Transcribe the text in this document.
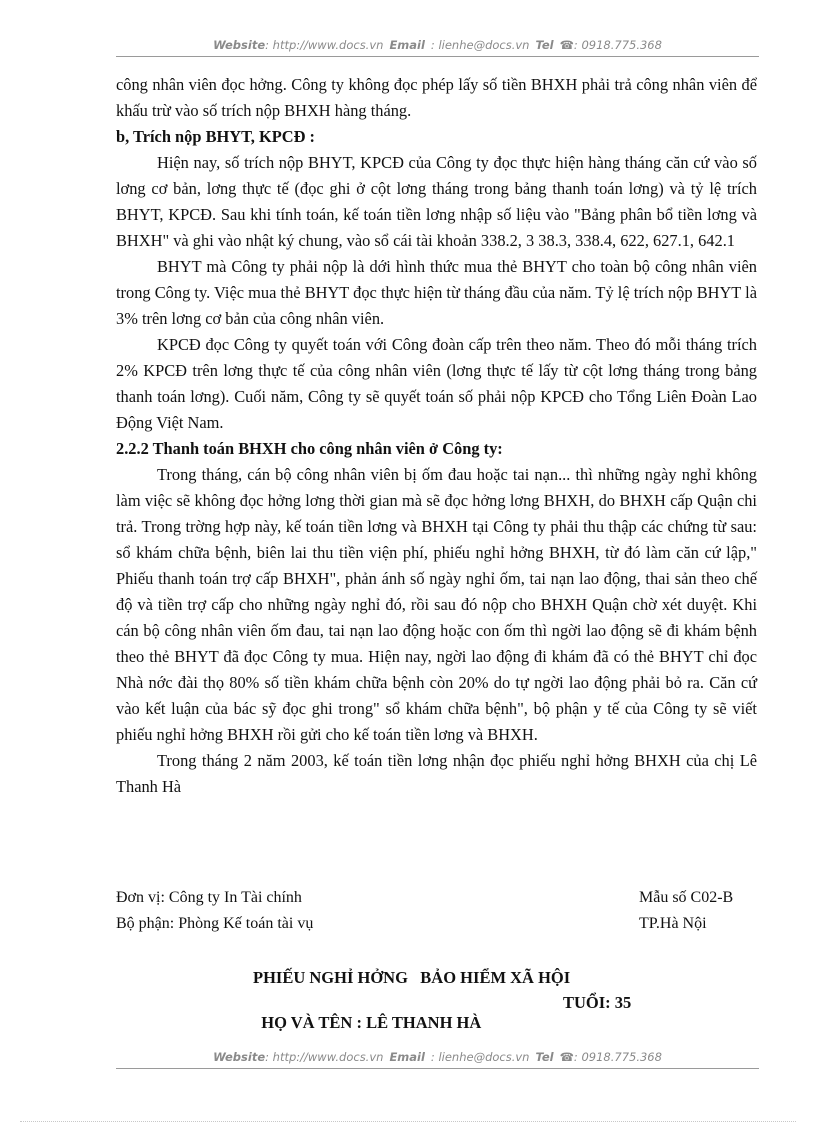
Website: http://www.docs.vn Email : lienhe@docs.vn Tel ☎: 0918.775.368

công nhân viên đọc hởng. Công ty không đọc phép lấy số tiền BHXH phải trả công nhân viên để khấu trừ vào số trích nộp BHXH hàng tháng.

b, Trích nộp BHYT, KPCĐ :

Hiện nay, số trích nộp BHYT, KPCĐ của Công ty đọc thực hiện hàng tháng căn cứ vào số lơng cơ bản, lơng thực tế (đọc ghi ở cột lơng tháng trong bảng thanh toán lơng) và tỷ lệ trích BHYT, KPCĐ. Sau khi tính toán, kế toán tiền lơng nhập số liệu vào "Bảng phân bổ tiền lơng và BHXH" và ghi vào nhật ký chung, vào sổ cái tài khoản 338.2, 3 38.3, 338.4, 622, 627.1, 642.1

BHYT mà Công ty phải nộp là dới hình thức mua thẻ BHYT cho toàn bộ công nhân viên trong Công ty. Việc mua thẻ BHYT đọc thực hiện từ tháng đầu của năm. Tỷ lệ trích nộp BHYT là 3% trên lơng cơ bản của công nhân viên.

KPCĐ đọc Công ty quyết toán với Công đoàn cấp trên theo năm. Theo đó mỗi tháng trích 2% KPCĐ trên lơng thực tế của công nhân viên (lơng thực tế lấy từ cột lơng tháng trong bảng thanh toán lơng). Cuối năm, Công ty sẽ quyết toán số phải nộp KPCĐ cho Tổng Liên Đoàn Lao Động Việt Nam.

2.2.2 Thanh toán BHXH cho công nhân viên ở Công ty:

Trong tháng, cán bộ công nhân viên bị ốm đau hoặc tai nạn... thì những ngày nghỉ không làm việc sẽ không đọc hởng lơng thời gian mà sẽ đọc hởng lơng BHXH, do BHXH cấp Quận chi trả. Trong trờng hợp này, kế toán tiền lơng và BHXH tại Công ty phải thu thập các chứng từ sau: sổ khám chữa bệnh, biên lai thu tiền viện phí, phiếu nghỉ hởng BHXH, từ đó làm căn cứ lập," Phiếu thanh toán trợ cấp BHXH", phản ánh số ngày nghỉ ốm, tai nạn lao động, thai sản theo chế độ và tiền trợ cấp cho những ngày nghỉ đó, rồi sau đó nộp cho BHXH Quận chờ xét duyệt. Khi cán bộ công nhân viên ốm đau, tai nạn lao động hoặc con ốm thì ngời lao động sẽ đi khám bệnh theo thẻ BHYT đã đọc Công ty mua. Hiện nay, ngời lao động đi khám đã có thẻ BHYT chỉ đọc Nhà nớc đài thọ 80% số tiền khám chữa bệnh còn 20% do tự ngời lao động phải bỏ ra. Căn cứ vào kết luận của bác sỹ đọc ghi trong" sổ khám chữa bệnh", bộ phận y tế của Công ty sẽ viết phiếu nghỉ hởng BHXH rồi gửi cho kế toán tiền lơng và BHXH.

Trong tháng 2 năm 2003, kế toán tiền lơng nhận đọc phiếu nghỉ hởng BHXH của chị Lê Thanh Hà

Đơn vị: Công ty In Tài chính	Mẫu số C02-B
Bộ phận: Phòng Kế toán tài vụ	TP.Hà Nội
PHIẾU NGHỈ HỞNG   BẢO HIỂM XÃ HỘI

HỌ VÀ TÊN : LÊ THANH HÀ

TUỔI: 35

Website: http://www.docs.vn Email : lienhe@docs.vn Tel ☎: 0918.775.368
